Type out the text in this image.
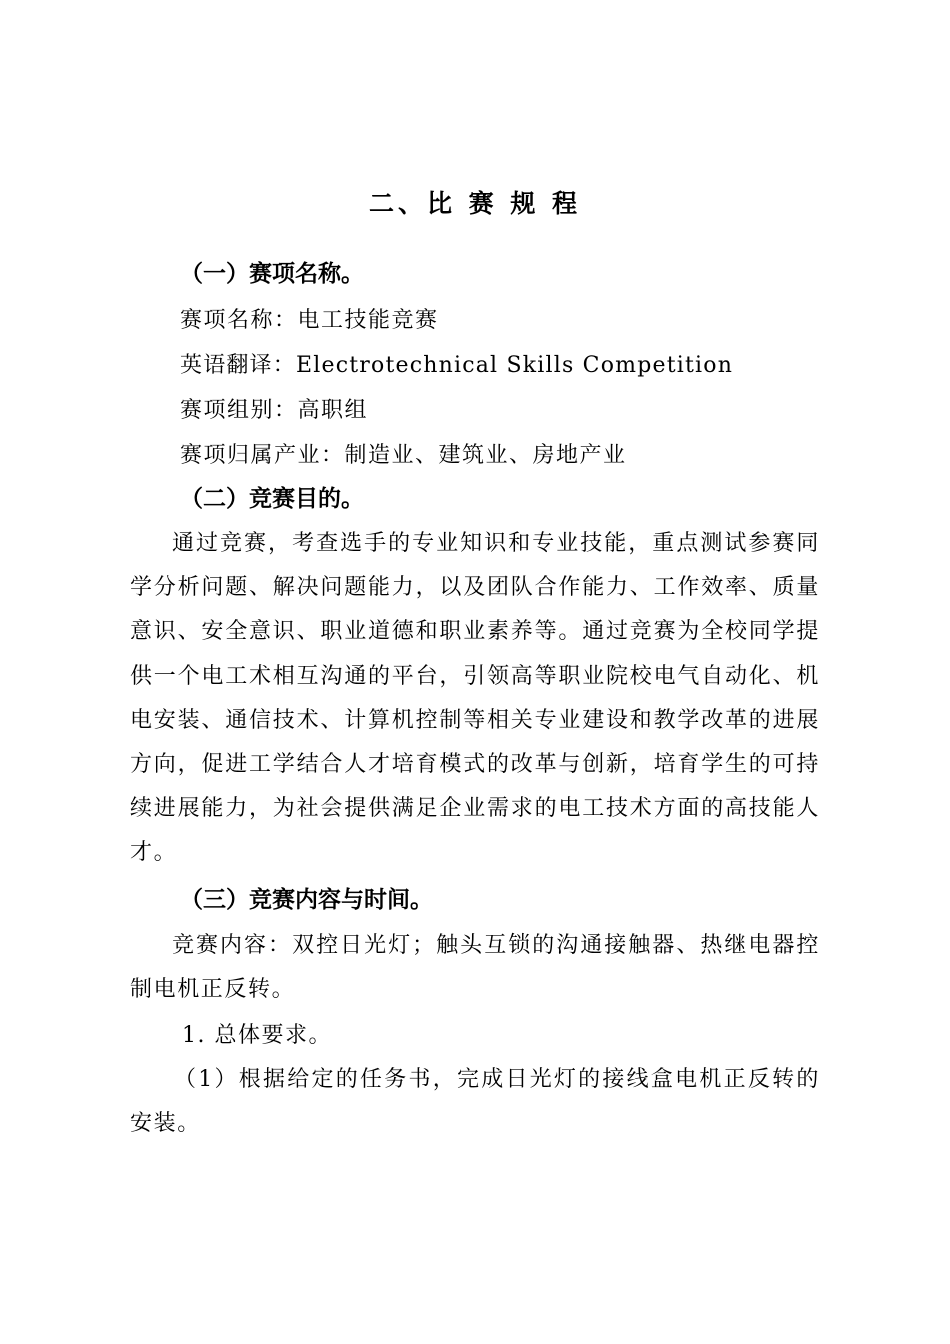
二、比 赛 规 程
（一）赛项名称。
赛项名称：电工技能竞赛
英语翻译：Electrotechnical Skills Competition
赛项组别：高职组
赛项归属产业：制造业、建筑业、房地产业
（二）竞赛目的。
通过竞赛，考查选手的专业知识和专业技能，重点测试参赛同学分析问题、解决问题能力，以及团队合作能力、工作效率、质量意识、安全意识、职业道德和职业素养等。通过竞赛为全校同学提供一个电工术相互沟通的平台，引领高等职业院校电气自动化、机电安装、通信技术、计算机控制等相关专业建设和教学改革的进展方向，促进工学结合人才培育模式的改革与创新，培育学生的可持续进展能力，为社会提供满足企业需求的电工技术方面的高技能人才。
（三）竞赛内容与时间。
竞赛内容：双控日光灯；触头互锁的沟通接触器、热继电器控制电机正反转。
1. 总体要求。
（1）根据给定的任务书，完成日光灯的接线盒电机正反转的安装。
